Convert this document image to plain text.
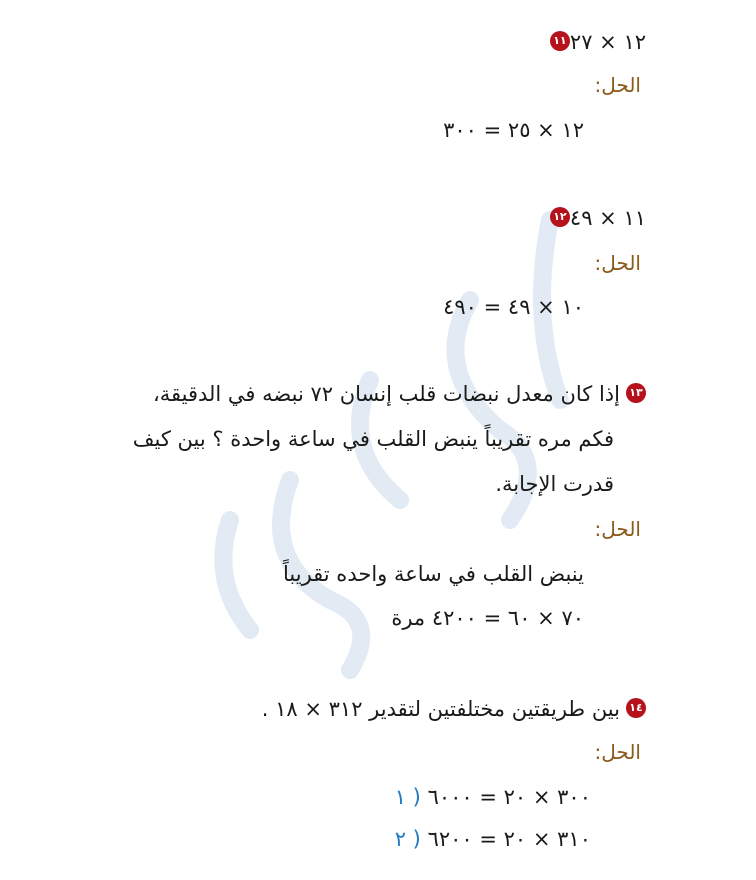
١١ ١٢ × ٢٧
الحل:
١٢ × ٢٥ = ٣٠٠
١٢ ١١ × ٤٩
الحل:
١٠ × ٤٩ = ٤٩٠
١٣إذا كان معدل نبضات قلب إنسان ٧٢ نبضه في الدقيقة،
فكم مره تقريباً ينبض القلب في ساعة واحدة ؟ بين كيف
قدرت الإجابة.
الحل:
ينبض القلب في ساعة واحده تقريباً
٧٠ × ٦٠ = ٤٢٠٠ مرة
١٤بين طريقتين مختلفتين لتقدير ٣١٢ × ١٨ .
الحل:
١ ) ٣٠٠ × ٢٠ = ٦٠٠٠
٢ ) ٣١٠ × ٢٠ = ٦٢٠٠
